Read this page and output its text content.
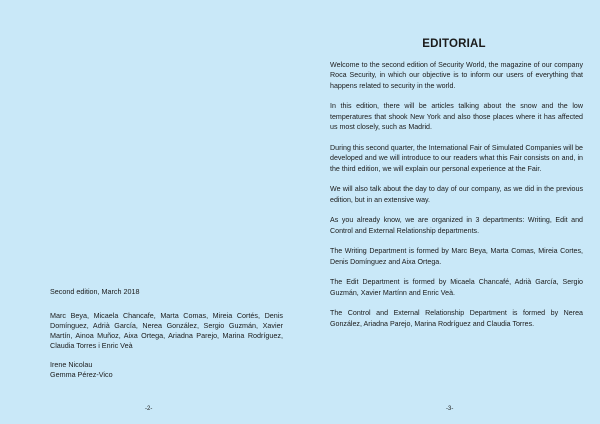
Second edition, March 2018
Marc Beya, Micaela Chancafe, Marta Comas, Mireia Cortés, Denis Domínguez, Adrià García, Nerea González, Sergio Guzmán, Xavier Martín, Ainoa Muñoz, Aixa Ortega, Ariadna Parejo, Marina Rodríguez, Claudia Torres i Enric Veà
Irene Nicolau
Gemma Pérez-Vico
-2-
EDITORIAL

Welcome to the second edition of Security World, the magazine of our company Roca Security, in which our objective is to inform our users of everything that happens related to security in the world.

In this edition, there will be articles talking about the snow and the low temperatures that shook New York and also those places where it has affected us most closely, such as Madrid.

During this second quarter, the International Fair of Simulated Companies will be developed and we will introduce to our readers what this Fair consists on and, in the third edition, we will explain our personal experience at the Fair.

We will also talk about the day to day of our company, as we did in the previous edition, but in an extensive way.

As you already know, we are organized in 3 departments: Writing, Edit and Control and External Relationship departments.

The Writing Department is formed by Marc Beya, Marta Comas, Mireia Cortes, Denis Domínguez and Aixa Ortega.

The Edit Department is formed by Micaela Chancafé, Adrià García, Sergio Guzmán, Xavier Martínn and Enric Veà.

The Control and External Relationship Department is formed by Nerea González, Ariadna Parejo, Marina Rodríguez and Claudia Torres.

-3-
